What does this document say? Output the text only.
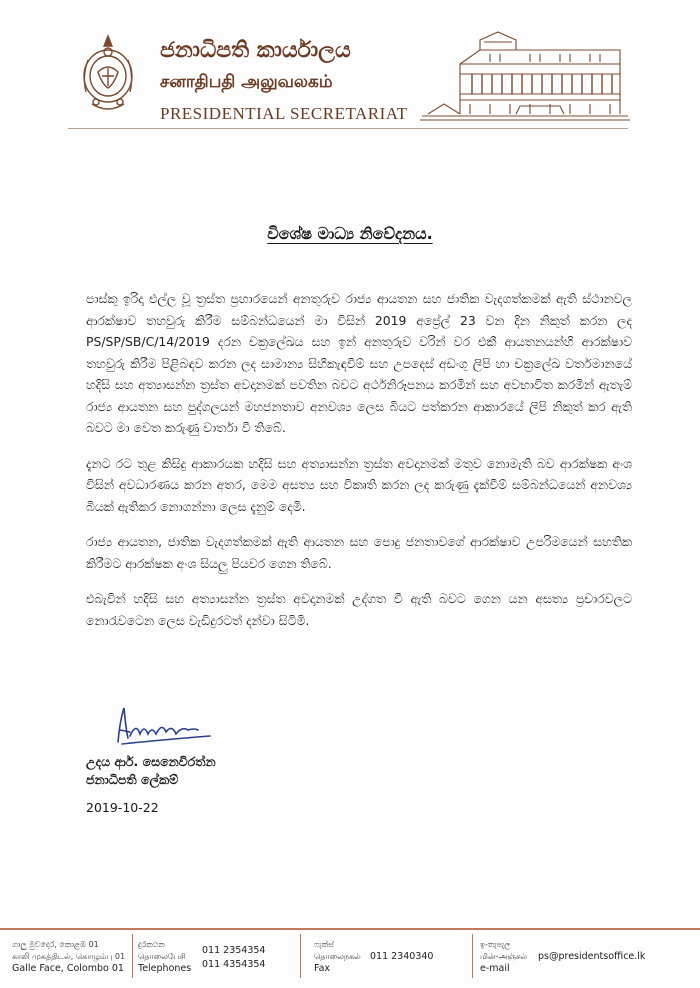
ජනාධිපති කාර්යාලය
சனாதிபதி அலுவலகம்
PRESIDENTIAL SECRETARIAT
විශේෂ මාධ්‍ය නිවේදනය.

පාස්කු ඉරිදා එල්ල වූ ත්‍රස්ත ප්‍රහාරයෙන් අනතුරුව රාජ්‍ය ආයතන සහ ජාතික වැදගත්කමක් ඇති ස්ථානවල ආරක්ෂාව තහවුරු කිරීම සම්බන්ධයෙන් මා විසින් 2019 අප්‍රේල් 23 වන දින නිකුත් කරන ලද PS/SP/SB/C/14/2019 දරන චක්‍රලේඛය සහ ඉන් අනතුරුව වරින් වර එකී ආයතනයන්හි ආරක්ෂාව තහවුරු කිරීම පිළිබඳව කරන ලද සාමාන්‍ය සිහිකැඳවීම් සහ උපදෙස් අඩංගු ලිපි හා චක්‍රලේඛ වර්තමානයේ හදිසි සහ අත්‍යාසන්න ත්‍රස්ත අවදානමක් පවතින බවට අර්ථනිරූපනය කරමින් සහ අවභාවිත කරමින් ඇතැම් රාජ්‍ය ආයතන සහ පුද්ගලයන් මහජනතාව අනවශ්‍ය ලෙස බියට පත්කරන ආකාරයේ ලිපි නිකුත් කර ඇති බවට මා වෙත කරුණු වාර්තා වී තිබේ.

දැනට රට තුළ කිසිදු ආකාරයක හදිසි සහ අත්‍යාසන්න ත්‍රස්ත අවදානමක් මතුව නොමැති බව ආරක්ෂක අංශ විසින් අවධාරණය කරන අතර, මෙම අසත්‍ය සහ විකෘති කරන ලද කරුණු දැක්වීම් සම්බන්ධයෙන් අනවශ්‍ය බියක් ඇතිකර නොගන්නා ලෙස දැනුම් දෙමි.

රාජ්‍ය ආයතන, ජාතික වැදගත්කමක් ඇති ආයතන සහ පොදු ජනතාවගේ ආරක්ෂාව උපරිමයෙන් සහතික කිරීමට ආරක්ෂක අංශ සියලු පියවර ගෙන තිබේ.

එබැවින් හදිසි සහ අත්‍යාසන්න ත්‍රස්ත අවදානමක් උද්ගත වී ඇති බවට ගෙන යන අසත්‍ය ප්‍රචාරවලට නොරැවටෙන ලෙස වැඩිදුරටත් දන්වා සිටිමි.

උදය ආර්. සෙනෙවිරත්න
ජනාධිපති ලේකම්
2019-10-22
ගාලු මුවදොර, කොළඹ 01
காலி முகத்திடல், கொழும்பு 01
Galle Face, Colombo 01
දුරකථන
தொலைபேசி
Telephones
011 2354354
011 4354354
ෆැක්ස්
தொலைநகல்
Fax
011 2340340
ඉ-තැපැල
மின்-அஞ்சல்
e-mail
ps@presidentsoffice.lk
